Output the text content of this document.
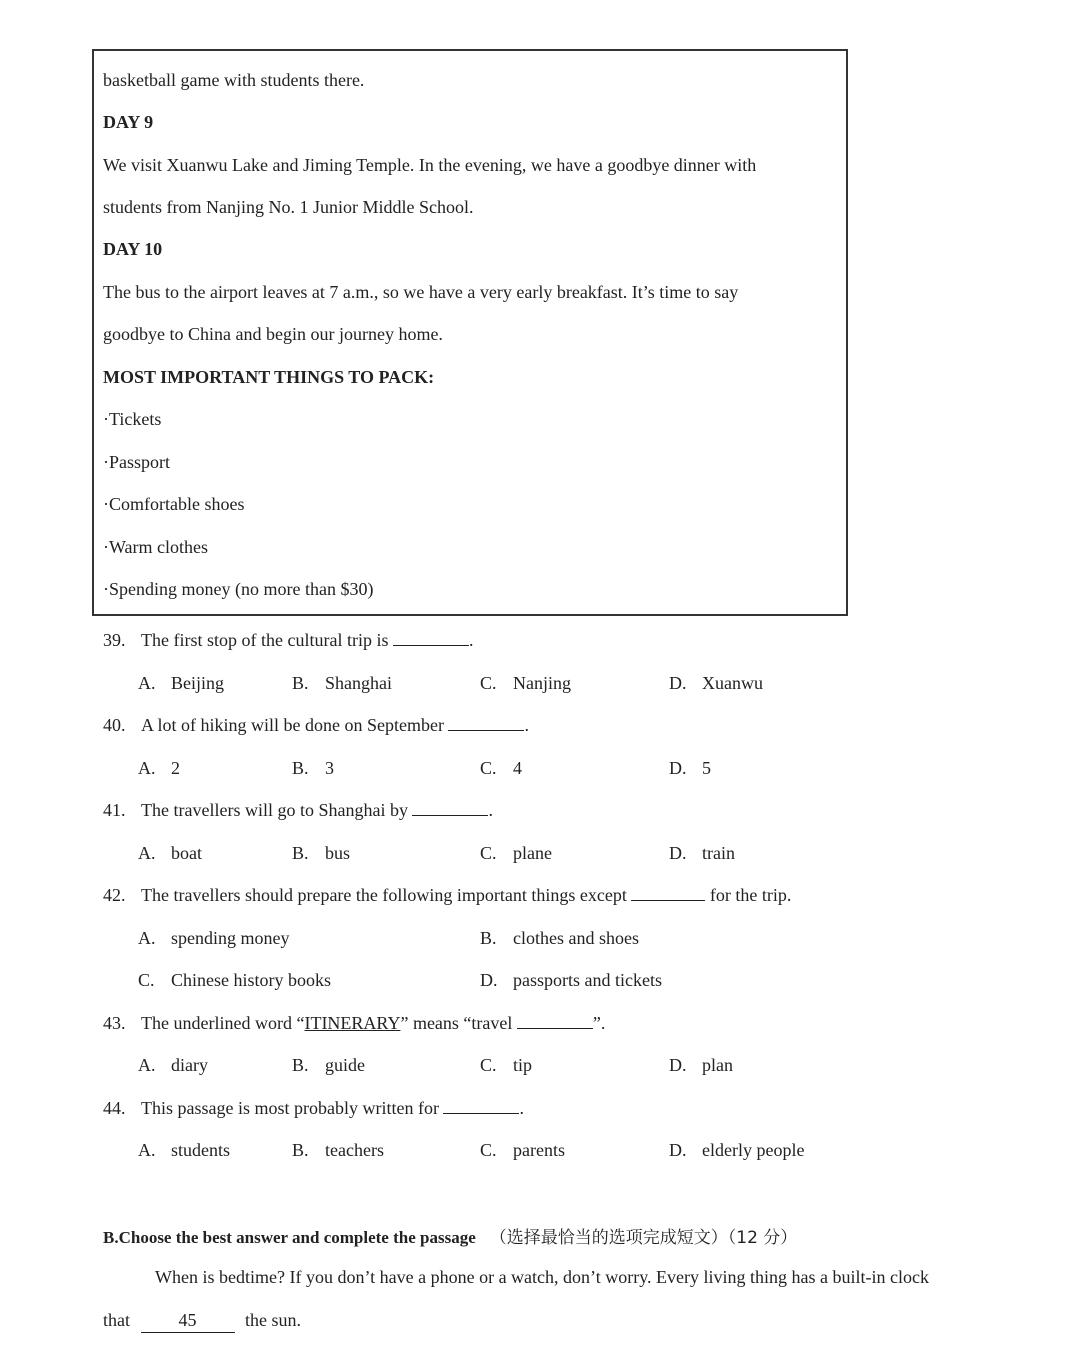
basketball game with students there.
DAY 9
We visit Xuanwu Lake and Jiming Temple. In the evening, we have a goodbye dinner with
students from Nanjing No. 1 Junior Middle School.
DAY 10
The bus to the airport leaves at 7 a.m., so we have a very early breakfast. It’s time to say
goodbye to China and begin our journey home.
MOST IMPORTANT THINGS TO PACK:
·Tickets
·Passport
·Comfortable shoes
·Warm clothes
·Spending money (no more than $30)
39. The first stop of the cultural trip is	.
A. Beijing	B. Shanghai	C. Nanjing	D. Xuanwu
40. A lot of hiking will be done on September	.
A. 2	B. 3	C. 4	D. 5
41. The travellers will go to Shanghai by	.
A. boat	B. bus	C. plane	D. train
42. The travellers should prepare the following important things except	for the trip.
A. spending money	B. clothes and shoes
C. Chinese history books	D. passports and tickets
43. The underlined word “ITINERARY” means “travel	”.
A. diary	B. guide	C. tip	D. plan
44. This passage is most probably written for	.
A. students	B. teachers	C. parents	D. elderly people
B.Choose the best answer and complete the passage （选择最恰当的选项完成短文）（12 分）
When is bedtime? If you don’t have a phone or a watch, don’t worry. Every living thing has a built-in clock
that	45	the sun.
